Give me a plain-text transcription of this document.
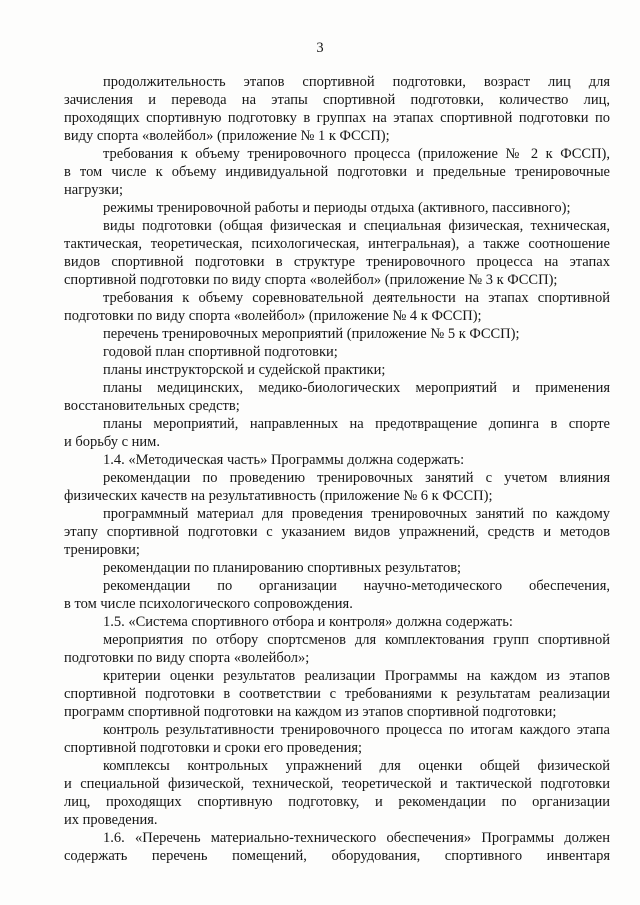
3
продолжительность этапов спортивной подготовки, возраст лиц для
зачисления и перевода на этапы спортивной подготовки, количество лиц,
проходящих спортивную подготовку в группах на этапах спортивной подготовки по
виду спорта «волейбол» (приложение № 1 к ФССП);
требования к объему тренировочного процесса (приложение № 2 к ФССП),
в том числе к объему индивидуальной подготовки и предельные тренировочные
нагрузки;
режимы тренировочной работы и периоды отдыха (активного, пассивного);
виды подготовки (общая физическая и специальная физическая, техническая,
тактическая, теоретическая, психологическая, интегральная), а также соотношение
видов спортивной подготовки в структуре тренировочного процесса на этапах
спортивной подготовки по виду спорта «волейбол» (приложение № 3 к ФССП);
требования к объему соревновательной деятельности на этапах спортивной
подготовки по виду спорта «волейбол» (приложение № 4 к ФССП);
перечень тренировочных мероприятий (приложение № 5 к ФССП);
годовой план спортивной подготовки;
планы инструкторской и судейской практики;
планы медицинских, медико-биологических мероприятий и применения
восстановительных средств;
планы мероприятий, направленных на предотвращение допинга в спорте
и борьбу с ним.
1.4. «Методическая часть» Программы должна содержать:
рекомендации по проведению тренировочных занятий с учетом влияния
физических качеств на результативность (приложение № 6 к ФССП);
программный материал для проведения тренировочных занятий по каждому
этапу спортивной подготовки с указанием видов упражнений, средств и методов
тренировки;
рекомендации по планированию спортивных результатов;
рекомендации по организации научно-методического обеспечения,
в том числе психологического сопровождения.
1.5. «Система спортивного отбора и контроля» должна содержать:
мероприятия по отбору спортсменов для комплектования групп спортивной
подготовки по виду спорта «волейбол»;
критерии оценки результатов реализации Программы на каждом из этапов
спортивной подготовки в соответствии с требованиями к результатам реализации
программ спортивной подготовки на каждом из этапов спортивной подготовки;
контроль результативности тренировочного процесса по итогам каждого этапа
спортивной подготовки и сроки его проведения;
комплексы контрольных упражнений для оценки общей физической
и специальной физической, технической, теоретической и тактической подготовки
лиц, проходящих спортивную подготовку, и рекомендации по организации
их проведения.
1.6. «Перечень материально-технического обеспечения» Программы должен
содержать перечень помещений, оборудования, спортивного инвентаря
